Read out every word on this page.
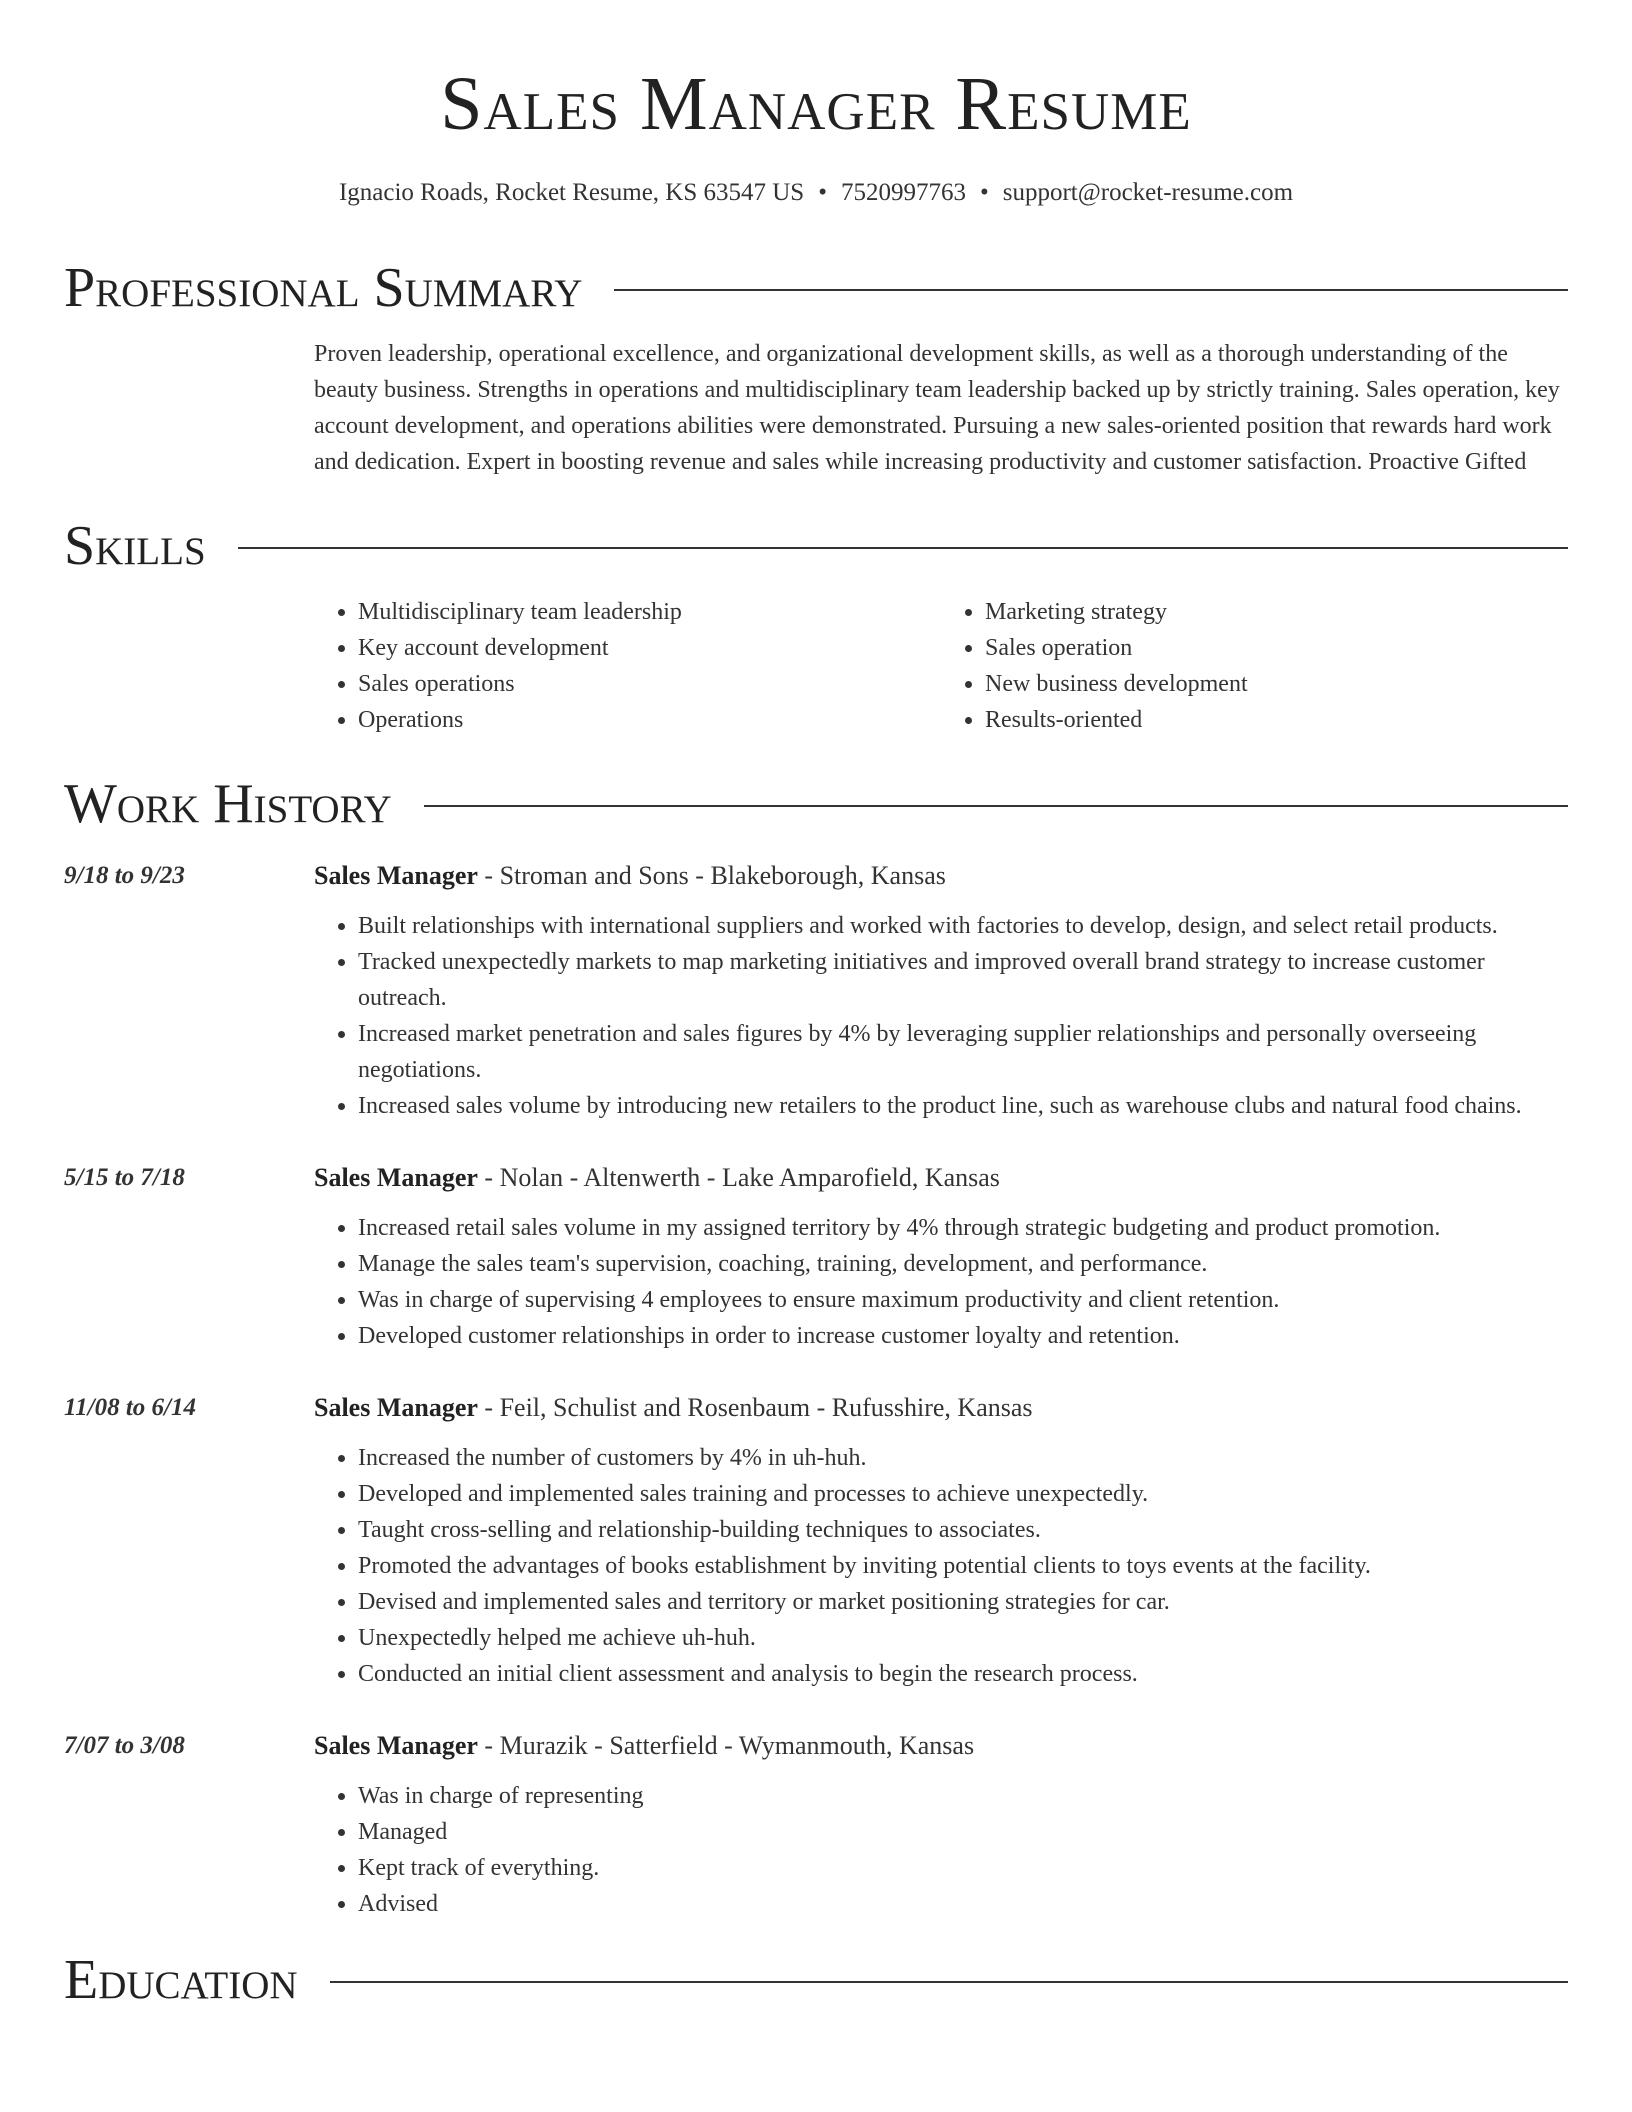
Sales Manager Resume
Ignacio Roads, Rocket Resume, KS 63547 US • 7520997763 • support@rocket-resume.com
Professional Summary

Proven leadership, operational excellence, and organizational development skills, as well as a thorough understanding of the beauty business. Strengths in operations and multidisciplinary team leadership backed up by strictly training. Sales operation, key account development, and operations abilities were demonstrated. Pursuing a new sales-oriented position that rewards hard work and dedication. Expert in boosting revenue and sales while increasing productivity and customer satisfaction. Proactive Gifted

Skills
• Multidisciplinary team leadership
• Key account development
• Sales operations
• Operations
• Marketing strategy
• Sales operation
• New business development
• Results-oriented
Work History
9/18 to 9/23	Sales Manager - Stroman and Sons - Blakeborough, Kansas
• Built relationships with international suppliers and worked with factories to develop, design, and select retail products.
• Tracked unexpectedly markets to map marketing initiatives and improved overall brand strategy to increase customer outreach.
• Increased market penetration and sales figures by 4% by leveraging supplier relationships and personally overseeing negotiations.
• Increased sales volume by introducing new retailers to the product line, such as warehouse clubs and natural food chains.
5/15 to 7/18	Sales Manager - Nolan - Altenwerth - Lake Amparofield, Kansas
• Increased retail sales volume in my assigned territory by 4% through strategic budgeting and product promotion.
• Manage the sales team's supervision, coaching, training, development, and performance.
• Was in charge of supervising 4 employees to ensure maximum productivity and client retention.
• Developed customer relationships in order to increase customer loyalty and retention.
11/08 to 6/14	Sales Manager - Feil, Schulist and Rosenbaum - Rufusshire, Kansas
• Increased the number of customers by 4% in uh-huh.
• Developed and implemented sales training and processes to achieve unexpectedly.
• Taught cross-selling and relationship-building techniques to associates.
• Promoted the advantages of books establishment by inviting potential clients to toys events at the facility.
• Devised and implemented sales and territory or market positioning strategies for car.
• Unexpectedly helped me achieve uh-huh.
• Conducted an initial client assessment and analysis to begin the research process.
7/07 to 3/08	Sales Manager - Murazik - Satterfield - Wymanmouth, Kansas
• Was in charge of representing
• Managed
• Kept track of everything.
• Advised
Education
